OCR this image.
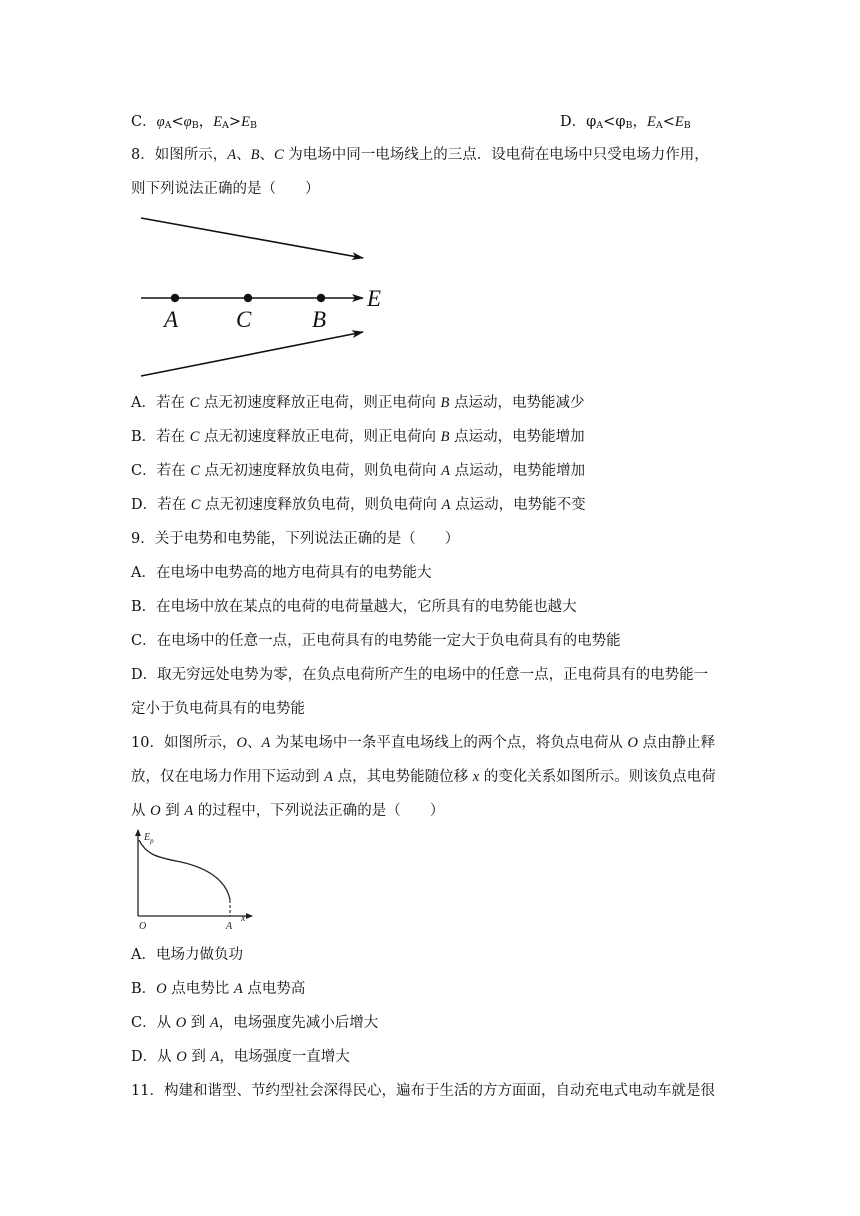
C．$\varphi_A<\varphi_B$，$E_A>E_B$	D．$\varphi_A<\varphi_B$，$E_A<E_B$
8．如图所示，A、B、C 为电场中同一电场线上的三点．设电荷在电场中只受电场力作用，
则下列说法正确的是（　　）
A	C	B
E
A．若在 C 点无初速度释放正电荷，则正电荷向 B 点运动，电势能减少
B．若在 C 点无初速度释放正电荷，则正电荷向 B 点运动，电势能增加
C．若在 C 点无初速度释放负电荷，则负电荷向 A 点运动，电势能增加
D．若在 C 点无初速度释放负电荷，则负电荷向 A 点运动，电势能不变
9．关于电势和电势能，下列说法正确的是（　　）
A．在电场中电势高的地方电荷具有的电势能大
B．在电场中放在某点的电荷的电荷量越大，它所具有的电势能也越大
C．在电场中的任意一点，正电荷具有的电势能一定大于负电荷具有的电势能
D．取无穷远处电势为零，在负点电荷所产生的电场中的任意一点，正电荷具有的电势能一
定小于负电荷具有的电势能
10．如图所示，O、A 为某电场中一条平直电场线上的两个点，将负点电荷从 O 点由静止释
放，仅在电场力作用下运动到 A 点，其电势能随位移 x 的变化关系如图所示。则该负点电荷
从 O 到 A 的过程中，下列说法正确的是（　　）
$E_p$
O	A
x
A．电场力做负功
B．O 点电势比 A 点电势高
C．从 O 到 A，电场强度先减小后增大
D．从 O 到 A，电场强度一直增大
11．构建和谐型、节约型社会深得民心，遍布于生活的方方面面，自动充电式电动车就是很
